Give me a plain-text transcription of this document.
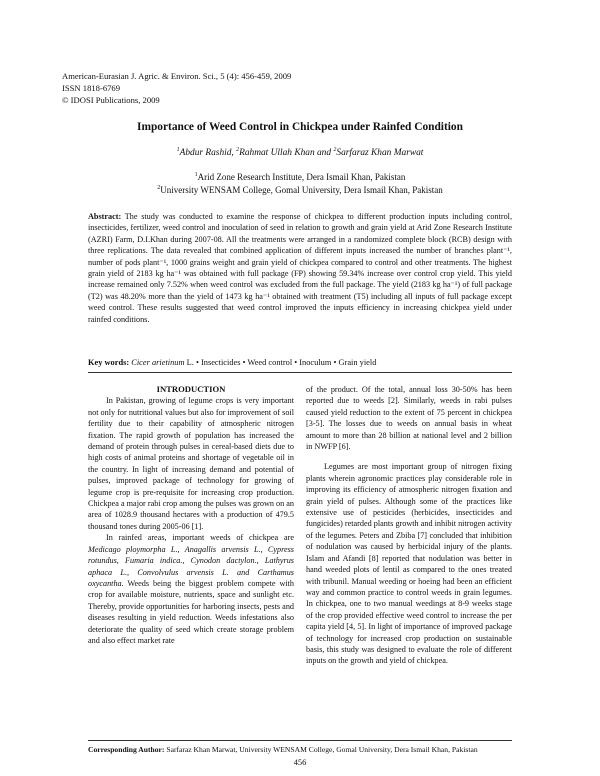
American-Eurasian J. Agric. & Environ. Sci., 5 (4): 456-459, 2009
ISSN 1818-6769
© IDOSI Publications, 2009
Importance of Weed Control in Chickpea under Rainfed Condition
$^1$Abdur Rashid, $^2$Rahmat Ullah Khan and $^2$Sarfaraz Khan Marwat
$^1$Arid Zone Research Institute, Dera Ismail Khan, Pakistan
$^2$University WENSAM College, Gomal University, Dera Ismail Khan, Pakistan
Abstract: The study was conducted to examine the response of chickpea to different production inputs including control, insecticides, fertilizer, weed control and inoculation of seed in relation to growth and grain yield at Arid Zone Research Institute (AZRI) Farm, D.I.Khan during 2007-08. All the treatments were arranged in a randomized complete block (RCB) design with three replications. The data revealed that combined application of different inputs increased the number of branches plant⁻¹, number of pods plant⁻¹, 1000 grains weight and grain yield of chickpea compared to control and other treatments. The highest grain yield of 2183 kg ha⁻¹ was obtained with full package (FP) showing 59.34% increase over control crop yield. This yield increase remained only 7.52% when weed control was excluded from the full package. The yield (2183 kg ha⁻¹) of full package (T2) was 48.20% more than the yield of 1473 kg ha⁻¹ obtained with treatment (T5) including all inputs of full package except weed control. These results suggested that weed control improved the inputs efficiency in increasing chickpea yield under rainfed conditions.
Key words: Cicer arietinum L. • Insecticides • Weed control • Inoculum • Grain yield

INTRODUCTION

In Pakistan, growing of legume crops is very important not only for nutritional values but also for improvement of soil fertility due to their capability of atmospheric nitrogen fixation. The rapid growth of population has increased the demand of protein through pulses in cereal-based diets due to high costs of animal proteins and shortage of vegetable oil in the country. In light of increasing demand and potential of pulses, improved package of technology for growing of legume crop is pre-requisite for increasing crop production. Chickpea a major rabi crop among the pulses was grown on an area of 1028.9 thousand hectares with a production of 479.5 thousand tones during 2005-06 [1].

In rainfed areas, important weeds of chickpea are Medicago ploymorpha L., Anagallis arvensis L., Cypress rotundus, Fumaria indica., Cynodon dactylon., Lathyrus aphaca L., Convolvulus arvensis L. and Carthamus oxycantha. Weeds being the biggest problem compete with crop for available moisture, nutrients, space and sunlight etc. Thereby, provide opportunities for harboring insects, pests and diseases resulting in yield reduction. Weeds infestations also deteriorate the quality of seed which create storage problem and also effect market rate

of the product. Of the total, annual loss 30-50% has been reported due to weeds [2]. Similarly, weeds in rabi pulses caused yield reduction to the extent of 75 percent in chickpea [3-5]. The losses due to weeds on annual basis in wheat amount to more than 28 billion at national level and 2 billion in NWFP [6].

Legumes are most important group of nitrogen fixing plants wherein agronomic practices play considerable role in improving its efficiency of atmospheric nitrogen fixation and grain yield of pulses. Although some of the practices like extensive use of pesticides (herbicides, insecticides and fungicides) retarded plants growth and inhibit nitrogen activity of the legumes. Peters and Zbiba [7] concluded that inhibition of nodulation was caused by herbicidal injury of the plants. Islam and Afandi [8] reported that nodulation was better in hand weeded plots of lentil as compared to the ones treated with tribunil. Manual weeding or hoeing had been an efficient way and common practice to control weeds in grain legumes. In chickpea, one to two manual weedings at 8-9 weeks stage of the crop provided effective weed control to increase the per capita yield [4, 5]. In light of importance of improved package of technology for increased crop production on sustainable basis, this study was designed to evaluate the role of different inputs on the growth and yield of chickpea.

Corresponding Author: Sarfaraz Khan Marwat, University WENSAM College, Gomal University, Dera Ismail Khan, Pakistan
456
